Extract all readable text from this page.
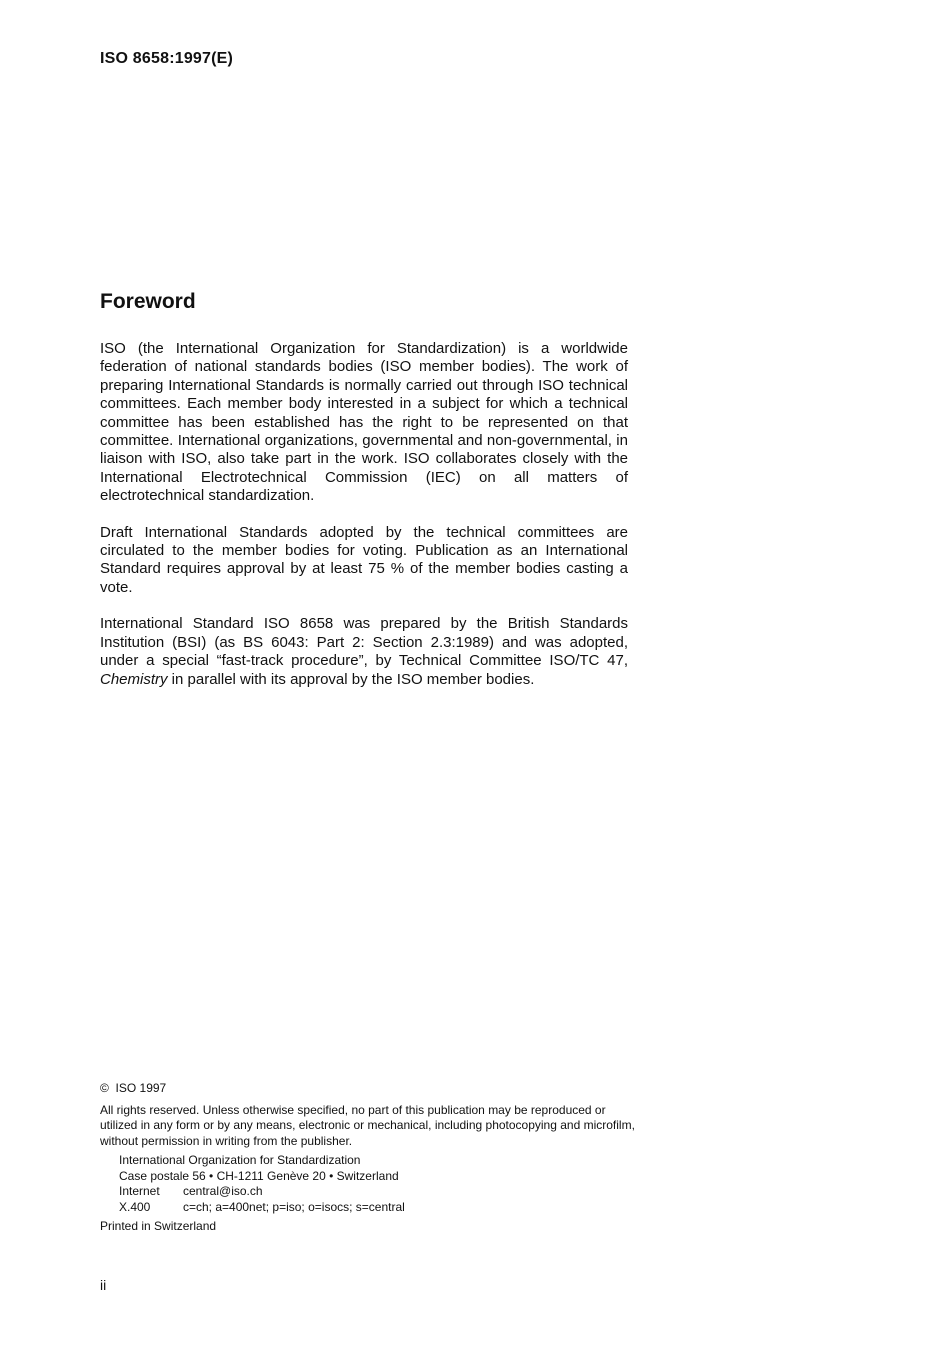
ISO 8658:1997(E)
Foreword

ISO (the International Organization for Standardization) is a worldwide federation of national standards bodies (ISO member bodies). The work of preparing International Standards is normally carried out through ISO technical committees. Each member body interested in a subject for which a technical committee has been established has the right to be represented on that committee. International organizations, governmental and non-governmental, in liaison with ISO, also take part in the work. ISO collaborates closely with the International Electrotechnical Commission (IEC) on all matters of electrotechnical standardization.

Draft International Standards adopted by the technical committees are circulated to the member bodies for voting. Publication as an International Standard requires approval by at least 75 % of the member bodies casting a vote.

International Standard ISO 8658 was prepared by the British Standards Institution (BSI) (as BS 6043: Part 2: Section 2.3:1989) and was adopted, under a special “fast-track procedure”, by Technical Committee ISO/TC 47, Chemistry in parallel with its approval by the ISO member bodies.

© ISO 1997
All rights reserved. Unless otherwise specified, no part of this publication may be reproduced or utilized in any form or by any means, electronic or mechanical, including photocopying and microfilm, without permission in writing from the publisher.
International Organization for Standardization
Case postale 56 • CH-1211 Genève 20 • Switzerland
Internet	central@iso.ch
X.400	c=ch; a=400net; p=iso; o=isocs; s=central
Printed in Switzerland
ii
